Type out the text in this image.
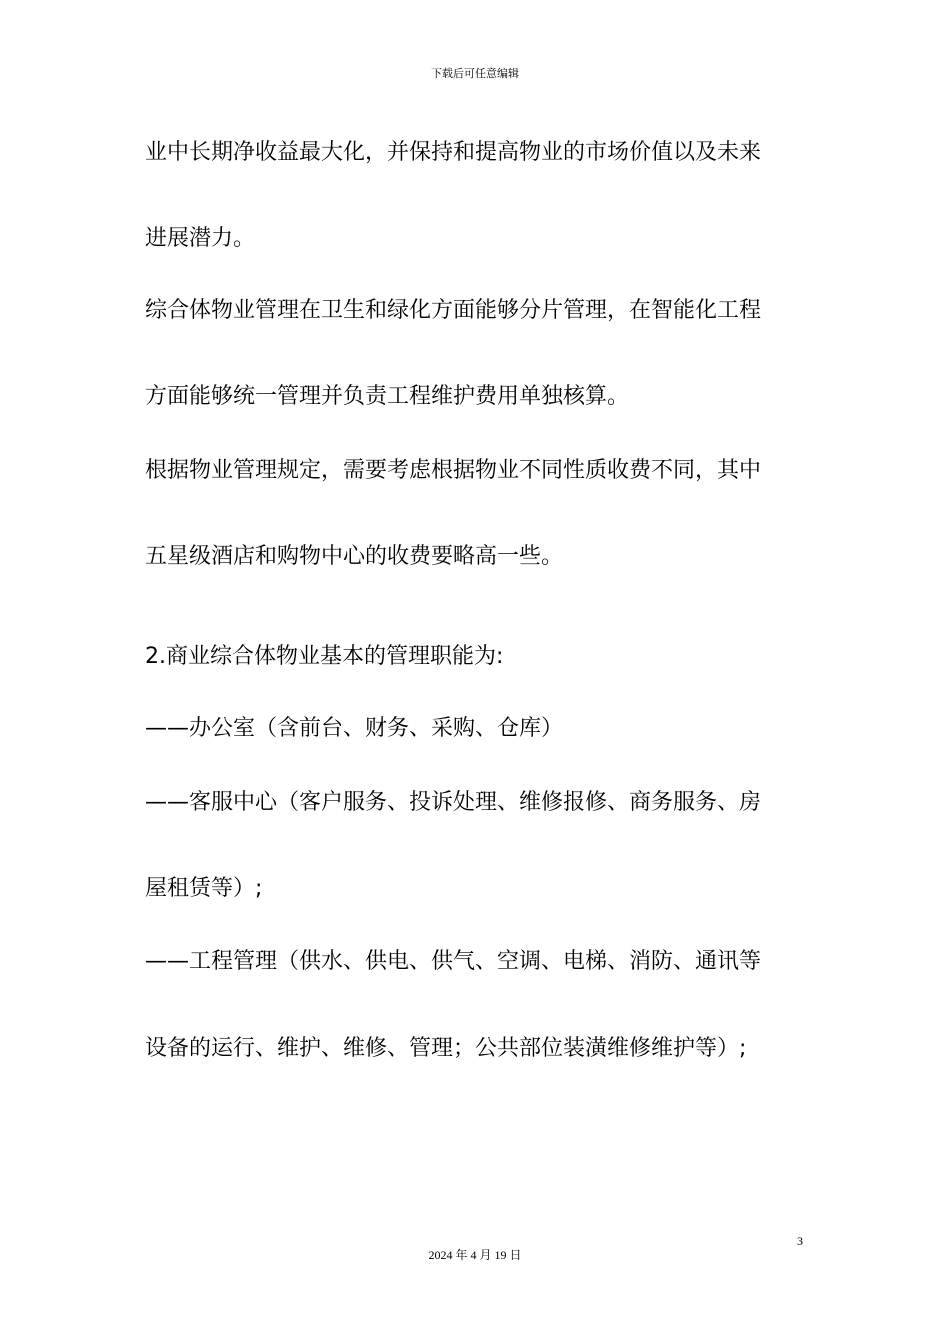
下载后可任意编辑
业中长期净收益最大化，并保持和提高物业的市场价值以及未来
进展潜力。
综合体物业管理在卫生和绿化方面能够分片管理，在智能化工程
方面能够统一管理并负责工程维护费用单独核算。
根据物业管理规定，需要考虑根据物业不同性质收费不同，其中
五星级酒店和购物中心的收费要略高一些。
2.商业综合体物业基本的管理职能为:
——办公室（含前台、财务、采购、仓库）
——客服中心（客户服务、投诉处理、维修报修、商务服务、房
屋租赁等）;
——工程管理（供水、供电、供气、空调、电梯、消防、通讯等
设备的运行、维护、维修、管理；公共部位装潢维修维护等）;
3
2024 年 4 月 19 日
